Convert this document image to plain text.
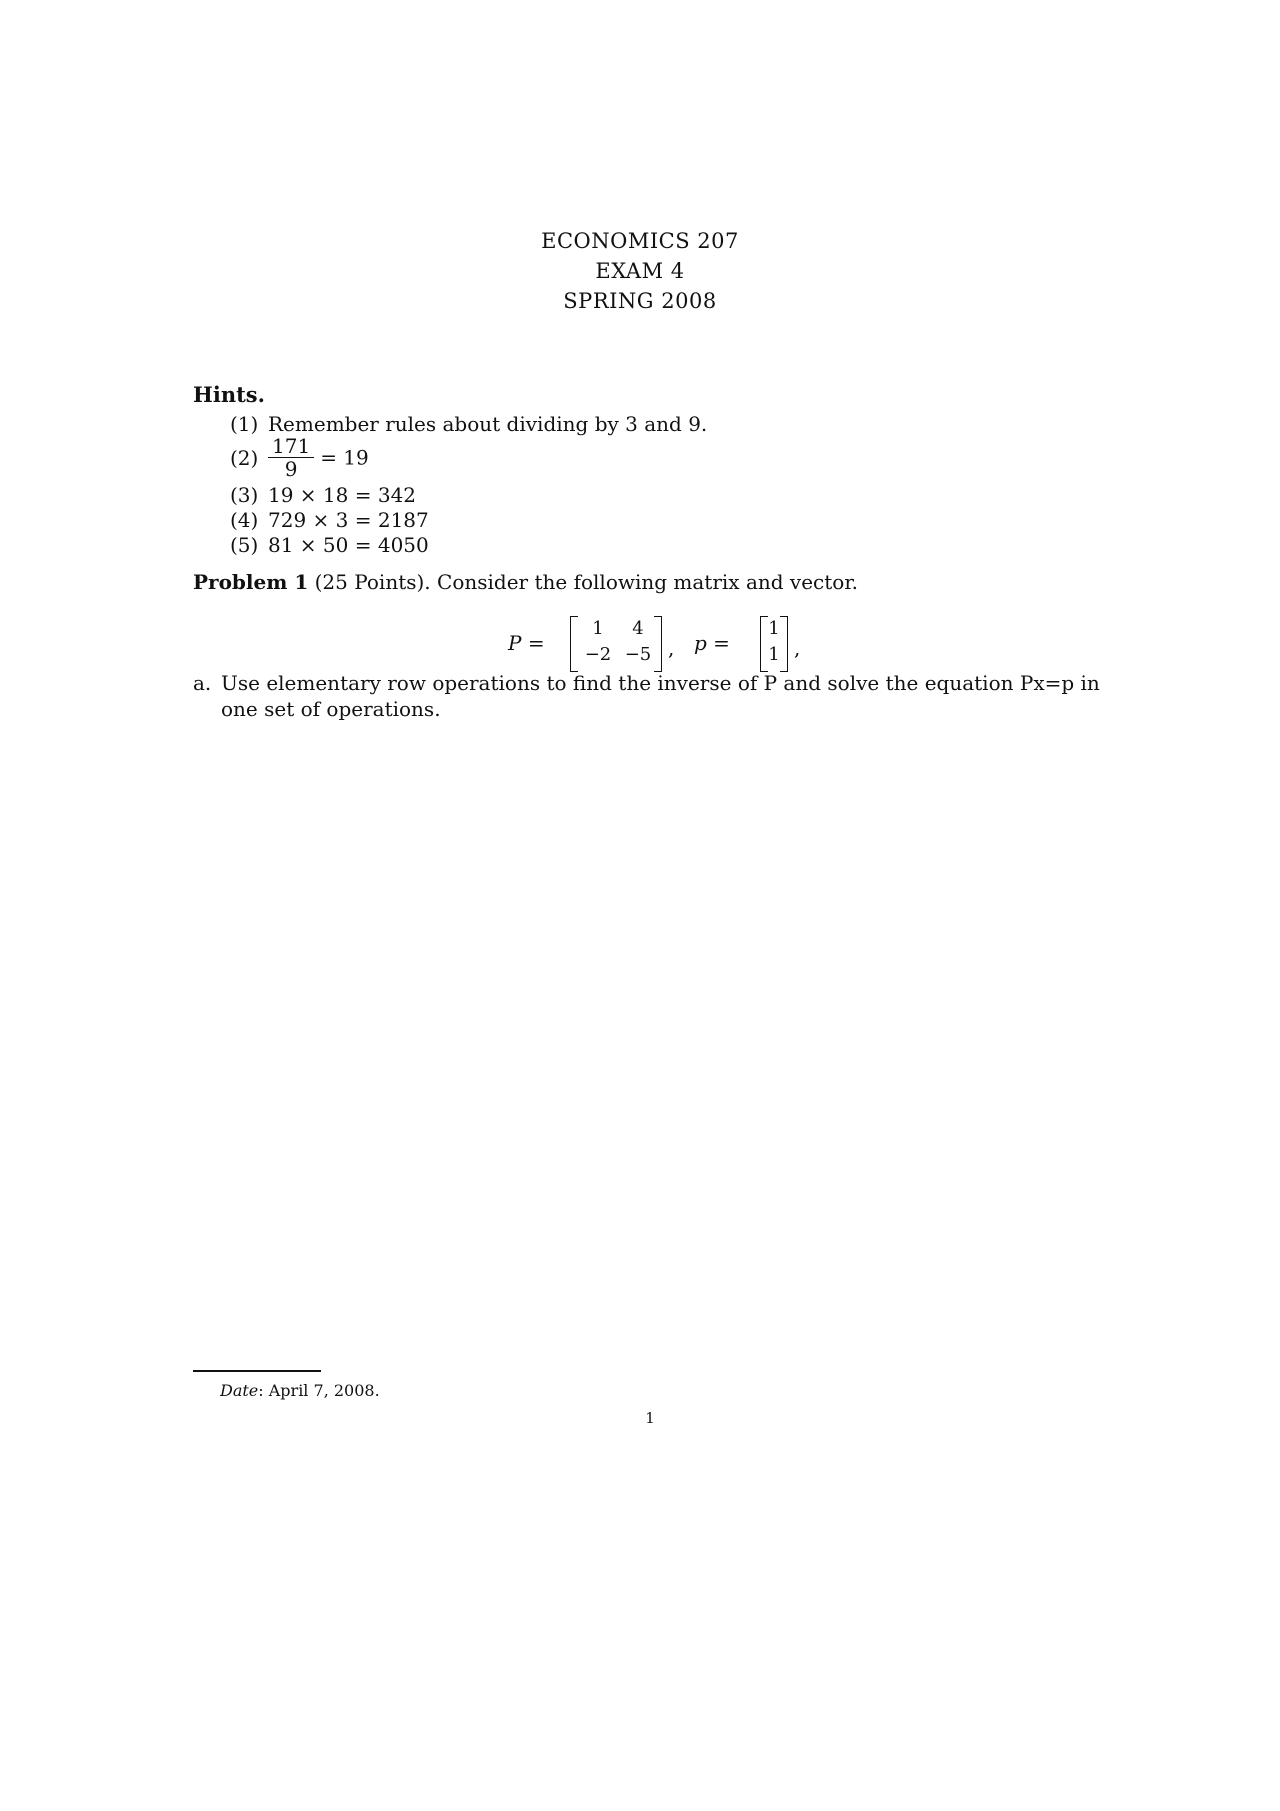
ECONOMICS 207
EXAM 4
SPRING 2008
Hints.
(1) Remember rules about dividing by 3 and 9.
$(2) \frac{171}{9} = 19$
(3) 19 × 18 = 342
(4) 729 × 3 = 2187
(5) 81 × 50 = 4050
Problem 1 (25 Points). Consider the following matrix and vector.
P =
1	4
−2 −5 , p =
1
1 ,
a. Use elementary row operations to find the inverse of P and solve the equation Px=p in one set of operations.
Date: April 7, 2008.
1
